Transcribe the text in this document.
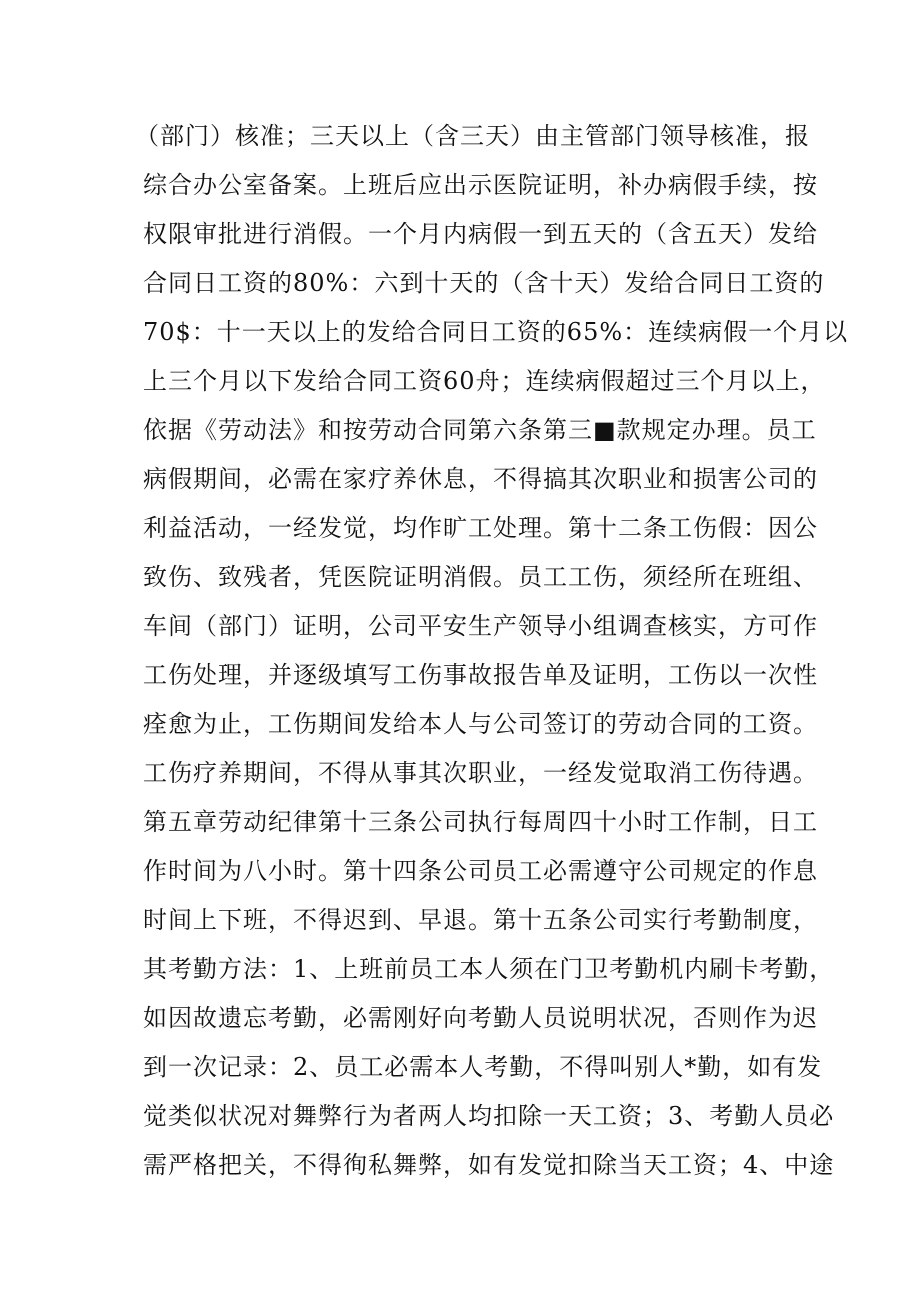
（部门）核准；三天以上（含三天）由主管部门领导核准，报
综合办公室备案。上班后应出示医院证明，补办病假手续，按
权限审批进行消假。一个月内病假一到五天的（含五天）发给
合同日工资的80%：六到十天的（含十天）发给合同日工资的
70$：十一天以上的发给合同日工资的65%：连续病假一个月以
上三个月以下发给合同工资60舟；连续病假超过三个月以上，
依据《劳动法》和按劳动合同第六条第三■款规定办理。员工
病假期间，必需在家疗养休息，不得搞其次职业和损害公司的
利益活动，一经发觉，均作旷工处理。第十二条工伤假：因公
致伤、致残者，凭医院证明消假。员工工伤，须经所在班组、
车间（部门）证明，公司平安生产领导小组调查核实，方可作
工伤处理，并逐级填写工伤事故报告单及证明，工伤以一次性
痊愈为止，工伤期间发给本人与公司签订的劳动合同的工资。
工伤疗养期间，不得从事其次职业，一经发觉取消工伤待遇。
第五章劳动纪律第十三条公司执行每周四十小时工作制，日工
作时间为八小时。第十四条公司员工必需遵守公司规定的作息
时间上下班，不得迟到、早退。第十五条公司实行考勤制度，
其考勤方法：1、上班前员工本人须在门卫考勤机内刷卡考勤，
如因故遗忘考勤，必需刚好向考勤人员说明状况，否则作为迟
到一次记录：2、员工必需本人考勤，不得叫别人*勤，如有发
觉类似状况对舞弊行为者两人均扣除一天工资；3、考勤人员必
需严格把关，不得徇私舞弊，如有发觉扣除当天工资；4、中途
